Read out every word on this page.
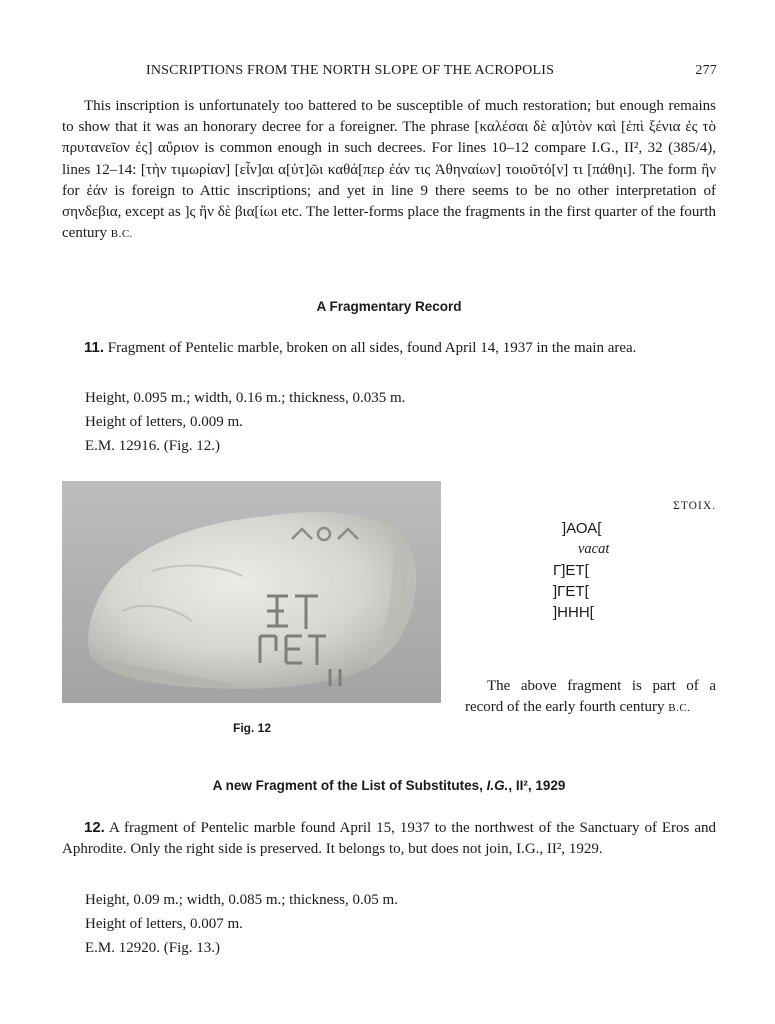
INSCRIPTIONS FROM THE NORTH SLOPE OF THE ACROPOLIS	277

This inscription is unfortunately too battered to be susceptible of much restoration; but enough remains to show that it was an honorary decree for a foreigner. The phrase [καλέσαι δὲ α]ὐτὸν καὶ [ἐπὶ ξένια ἐς τὸ πρυτανεῖον ἐς] αὔριον is common enough in such decrees. For lines 10–12 compare I.G., II², 32 (385/4), lines 12–14: [τὴν τιμωρίαν] [εἶν]αι α[ὐτ]ῶι καθά[περ ἐάν τις Ἀθηναίων] τοιοῦτό[ν] τι [πάθηι]. The form ἢν for ἐάν is foreign to Attic inscriptions; and yet in line 9 there seems to be no other interpretation of σηνδεβια, except as ]ς ἢν δὲ βια[ίωι etc. The letter-forms place the fragments in the first quarter of the fourth century B.C.

A Fragmentary Record

11. Fragment of Pentelic marble, broken on all sides, found April 14, 1937 in the main area.

Height, 0.095 m.; width, 0.16 m.; thickness, 0.035 m.
Height of letters, 0.009 m.
E.M. 12916. (Fig. 12.)
Fig. 12
ΣΤΟΙΧ.
]ΑΟΑ[
vacat
Γ]ΕΤ[
]ΓΕΤ[
]ΗΗΗ[
The above fragment is part of a record of the early fourth century B.C.
A new Fragment of the List of Substitutes, I.G., II², 1929

12. A fragment of Pentelic marble found April 15, 1937 to the northwest of the Sanctuary of Eros and Aphrodite. Only the right side is preserved. It belongs to, but does not join, I.G., II², 1929.

Height, 0.09 m.; width, 0.085 m.; thickness, 0.05 m.
Height of letters, 0.007 m.
E.M. 12920. (Fig. 13.)
